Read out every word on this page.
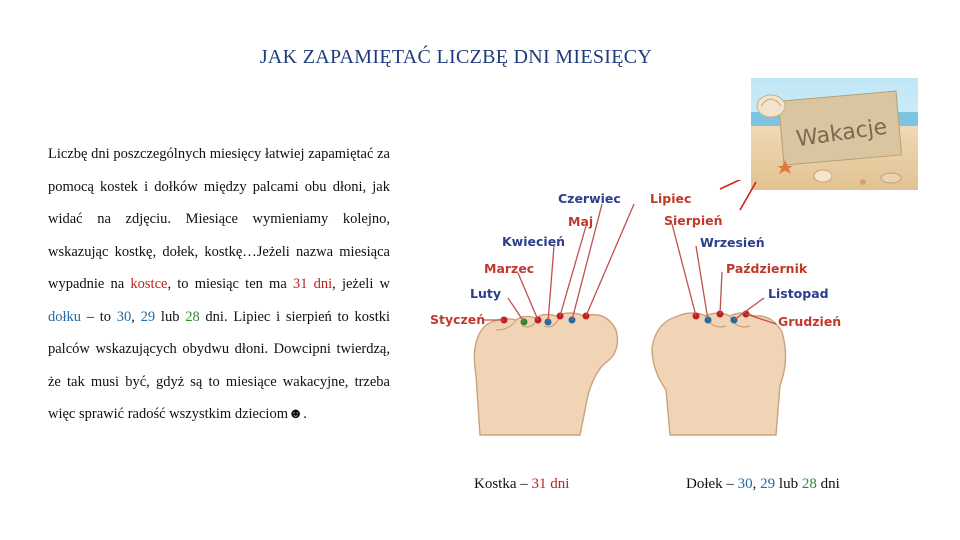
JAK ZAPAMIĘTAĆ LICZBĘ DNI MIESIĘCY
Liczbę dni poszczególnych miesięcy łatwiej zapamiętać za pomocą kostek i dołków między palcami obu dłoni, jak widać na zdjęciu. Miesiące wymieniamy kolejno, wskazując kostkę, dołek, kostkę…Jeżeli nazwa miesiąca wypadnie na kostce, to miesiąc ten ma 31 dni, jeżeli w dołku – to 30, 29 lub 28 dni. Lipiec i sierpień to kostki palców wskazujących obydwu dłoni. Dowcipni twierdzą, że tak musi być, gdyż są to miesiące wakacyjne, trzeba więc sprawić radość wszystkim dzieciom☻.
Wakacje
Styczeń
Luty
Marzec
Kwiecień
Maj
Czerwiec Lipiec
Sierpień
Wrzesień
Październik
Listopad
Grudzień
Kostka – 31 dni	Dołek – 30, 29 lub 28 dni
